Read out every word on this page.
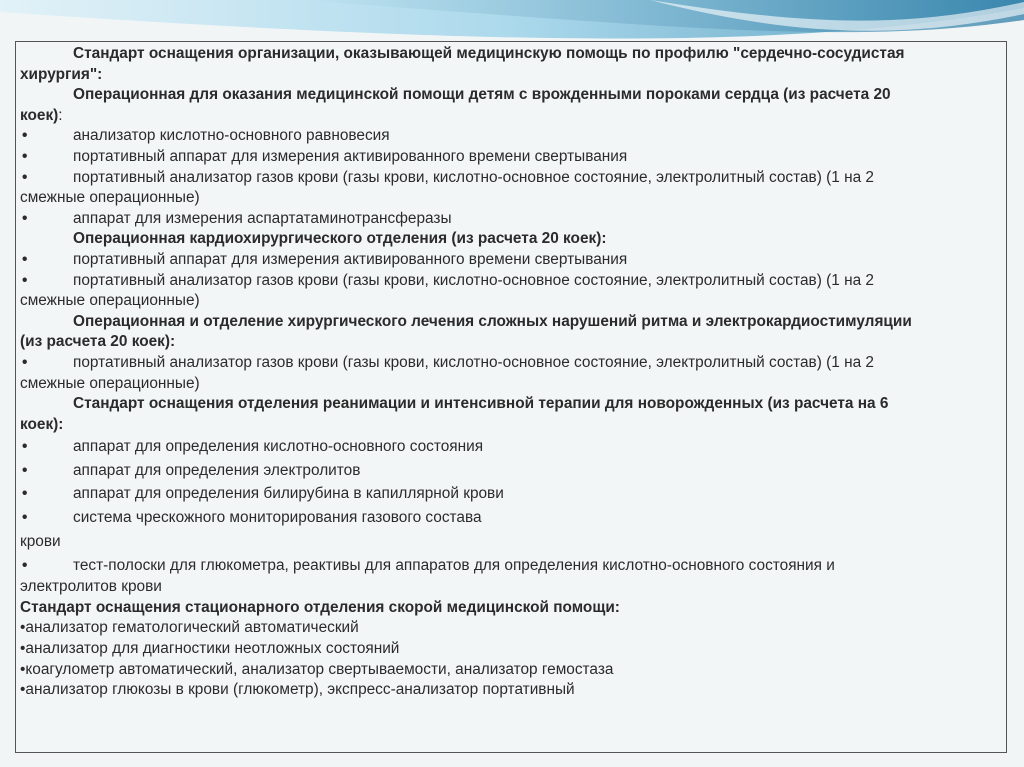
Стандарт оснащения организации, оказывающей медицинскую помощь по профилю "сердечно-сосудистая
хирургия":
Операционная для оказания медицинской помощи детям с врожденными пороками сердца (из расчета 20
коек):
•	анализатор кислотно-основного равновесия
•	портативный аппарат для измерения активированного времени свертывания
•	портативный анализатор газов крови (газы крови, кислотно-основное состояние, электролитный состав) (1 на 2
смежные операционные)
•	аппарат для измерения аспартатаминотрансферазы
Операционная кардиохирургического отделения (из расчета 20 коек):
•	портативный аппарат для измерения активированного времени свертывания
•	портативный анализатор газов крови (газы крови, кислотно-основное состояние, электролитный состав) (1 на 2
смежные операционные)
Операционная и отделение хирургического лечения сложных нарушений ритма и электрокардиостимуляции
(из расчета 20 коек):
•	портативный анализатор газов крови (газы крови, кислотно-основное состояние, электролитный состав) (1 на 2
смежные операционные)
Стандарт оснащения отделения реанимации и интенсивной терапии для новорожденных (из расчета на 6
коек):
•	аппарат для определения кислотно-основного состояния
•	аппарат для определения электролитов
•	аппарат для определения билирубина в капиллярной крови
•	система чрескожного мониторирования газового состава
крови
•	тест-полоски для глюкометра, реактивы для аппаратов для определения кислотно-основного состояния и
электролитов крови
Стандарт оснащения стационарного отделения скорой медицинской помощи:
•анализатор гематологический автоматический
•анализатор для диагностики неотложных состояний
•коагулометр автоматический, анализатор свертываемости, анализатор гемостаза
•анализатор глюкозы в крови (глюкометр), экспресс-анализатор портативный
